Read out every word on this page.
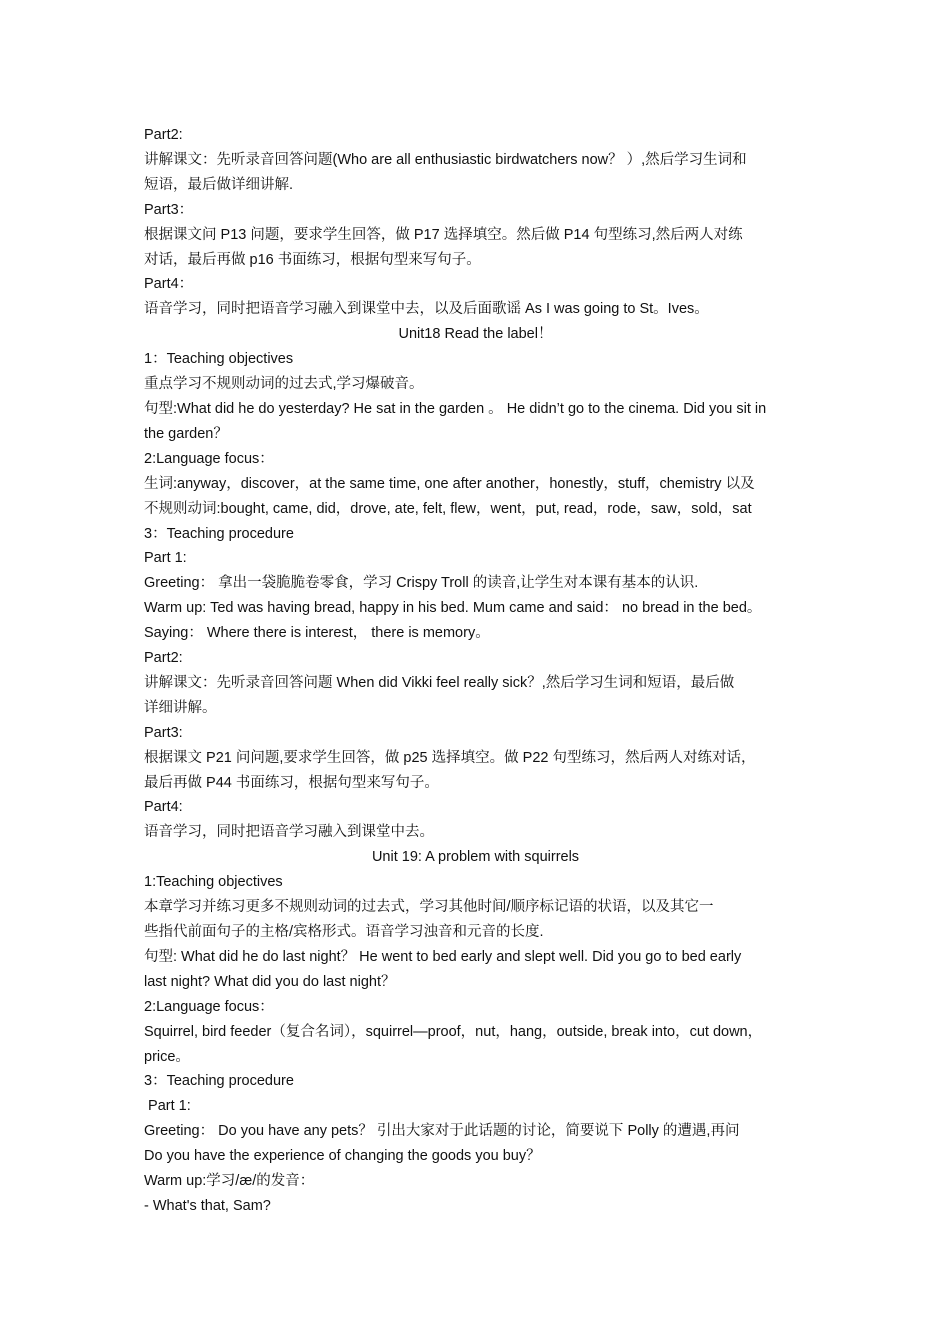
Part2:

讲解课文：先听录音回答问题(Who are all enthusiastic birdwatchers now？ ）,然后学习生词和

短语，最后做详细讲解.

Part3：

根据课文问 P13 问题，要求学生回答，做 P17 选择填空。然后做 P14 句型练习,然后两人对练

对话，最后再做 p16 书面练习，根据句型来写句子。

Part4：

语音学习，同时把语音学习融入到课堂中去，以及后面歌谣 As I was going to St。Ives。

Unit18 Read the label！

1：Teaching objectives

重点学习不规则动词的过去式,学习爆破音。

句型:What did he do yesterday? He sat in the garden 。 He didn’t go to the cinema. Did you sit in

the garden？

2:Language focus：

生词:anyway，discover，at the same time, one after another，honestly，stuff，chemistry 以及

不规则动词:bought, came, did，drove, ate, felt, flew，went，put, read，rode，saw，sold，sat

3：Teaching procedure

Part 1:

Greeting： 拿出一袋脆脆卷零食，学习 Crispy Troll 的读音,让学生对本课有基本的认识.

Warm up: Ted was having bread, happy in his bed. Mum came and said： no bread in the bed。

Saying： Where there is interest， there is memory。

Part2:

讲解课文：先听录音回答问题 When did Vikki feel really sick？,然后学习生词和短语，最后做

详细讲解。

Part3:

根据课文 P21 问问题,要求学生回答，做 p25 选择填空。做 P22 句型练习，然后两人对练对话，

最后再做 P44 书面练习，根据句型来写句子。

Part4:

语音学习，同时把语音学习融入到课堂中去。

Unit 19: A problem with squirrels

1:Teaching objectives

本章学习并练习更多不规则动词的过去式，学习其他时间/顺序标记语的状语，以及其它一

些指代前面句子的主格/宾格形式。语音学习浊音和元音的长度.

句型: What did he do last night？ He went to bed early and slept well. Did you go to bed early

last night? What did you do last night？

2:Language focus：

Squirrel, bird feeder（复合名词），squirrel—proof，nut，hang，outside, break into，cut down，

price。

3：Teaching procedure

Part 1:

Greeting： Do you have any pets？ 引出大家对于此话题的讨论，简要说下 Polly 的遭遇,再问

Do you have the experience of changing the goods you buy？

Warm up:学习/æ/的发音：

- What's that, Sam?
